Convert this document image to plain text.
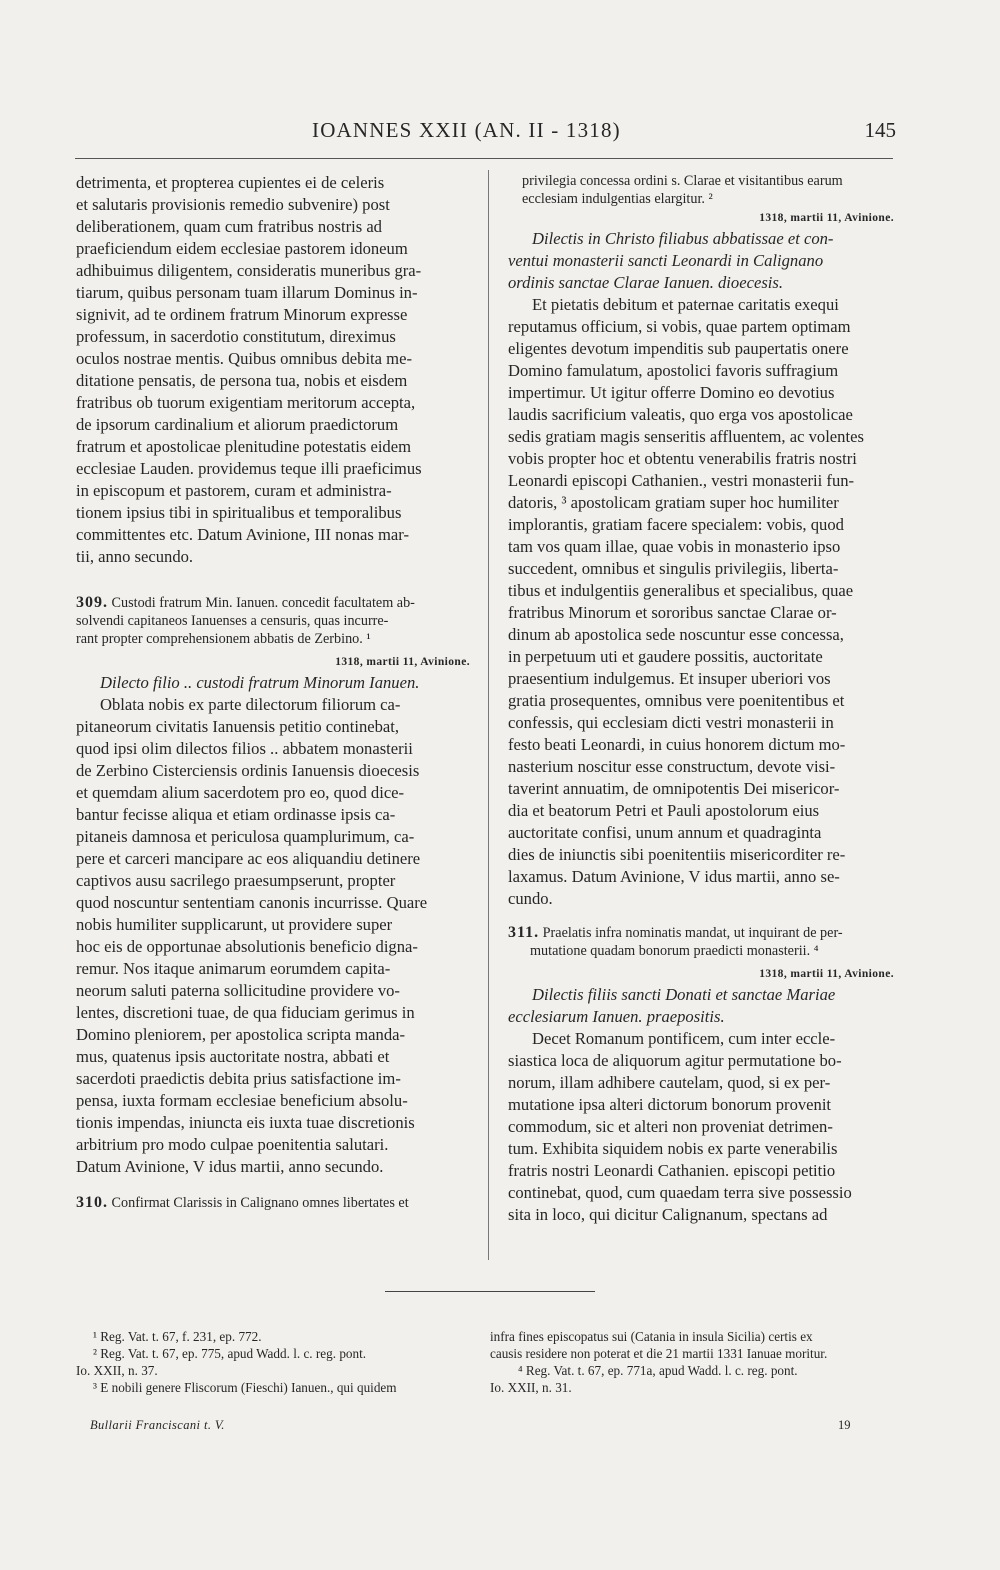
IOANNES XXII (AN. II - 1318)	145

detrimenta, et propterea cupientes ei de celeris

et salutaris provisionis remedio subvenire) post

deliberationem, quam cum fratribus nostris ad

praeficiendum eidem ecclesiae pastorem idoneum

adhibuimus diligentem, consideratis muneribus gra-

tiarum, quibus personam tuam illarum Dominus in-

signivit, ad te ordinem fratrum Minorum expresse

professum, in sacerdotio constitutum, direximus

oculos nostrae mentis. Quibus omnibus debita me-

ditatione pensatis, de persona tua, nobis et eisdem

fratribus ob tuorum exigentiam meritorum accepta,

de ipsorum cardinalium et aliorum praedictorum

fratrum et apostolicae plenitudine potestatis eidem

ecclesiae Lauden. providemus teque illi praeficimus

in episcopum et pastorem, curam et administra-

tionem ipsius tibi in spiritualibus et temporalibus

committentes etc. Datum Avinione, III nonas mar-

tii, anno secundo.

309. Custodi fratrum Min. Ianuen. concedit facultatem ab-

solvendi capitaneos Ianuenses a censuris, quas incurre-

rant propter comprehensionem abbatis de Zerbino. ¹

1318, martii 11, Avinione.

Dilecto filio .. custodi fratrum Minorum Ianuen.

Oblata nobis ex parte dilectorum filiorum ca-

pitaneorum civitatis Ianuensis petitio continebat,

quod ipsi olim dilectos filios .. abbatem monasterii

de Zerbino Cisterciensis ordinis Ianuensis dioecesis

et quemdam alium sacerdotem pro eo, quod dice-

bantur fecisse aliqua et etiam ordinasse ipsis ca-

pitaneis damnosa et periculosa quamplurimum, ca-

pere et carceri mancipare ac eos aliquandiu detinere

captivos ausu sacrilego praesumpserunt, propter

quod noscuntur sententiam canonis incurrisse. Quare

nobis humiliter supplicarunt, ut providere super

hoc eis de opportunae absolutionis beneficio digna-

remur. Nos itaque animarum eorumdem capita-

neorum saluti paterna sollicitudine providere vo-

lentes, discretioni tuae, de qua fiduciam gerimus in

Domino pleniorem, per apostolica scripta manda-

mus, quatenus ipsis auctoritate nostra, abbati et

sacerdoti praedictis debita prius satisfactione im-

pensa, iuxta formam ecclesiae beneficium absolu-

tionis impendas, iniuncta eis iuxta tuae discretionis

arbitrium pro modo culpae poenitentia salutari.

Datum Avinione, V idus martii, anno secundo.

310. Confirmat Clarissis in Calignano omnes libertates et

privilegia concessa ordini s. Clarae et visitantibus earum

ecclesiam indulgentias elargitur. ²

1318, martii 11, Avinione.

Dilectis in Christo filiabus abbatissae et con-

ventui monasterii sancti Leonardi in Calignano

ordinis sanctae Clarae Ianuen. dioecesis.

Et pietatis debitum et paternae caritatis exequi

reputamus officium, si vobis, quae partem optimam

eligentes devotum impenditis sub paupertatis onere

Domino famulatum, apostolici favoris suffragium

impertimur. Ut igitur offerre Domino eo devotius

laudis sacrificium valeatis, quo erga vos apostolicae

sedis gratiam magis senseritis affluentem, ac volentes

vobis propter hoc et obtentu venerabilis fratris nostri

Leonardi episcopi Cathanien., vestri monasterii fun-

datoris, ³ apostolicam gratiam super hoc humiliter

implorantis, gratiam facere specialem: vobis, quod

tam vos quam illae, quae vobis in monasterio ipso

succedent, omnibus et singulis privilegiis, liberta-

tibus et indulgentiis generalibus et specialibus, quae

fratribus Minorum et sororibus sanctae Clarae or-

dinum ab apostolica sede noscuntur esse concessa,

in perpetuum uti et gaudere possitis, auctoritate

praesentium indulgemus. Et insuper uberiori vos

gratia prosequentes, omnibus vere poenitentibus et

confessis, qui ecclesiam dicti vestri monasterii in

festo beati Leonardi, in cuius honorem dictum mo-

nasterium noscitur esse constructum, devote visi-

taverint annuatim, de omnipotentis Dei misericor-

dia et beatorum Petri et Pauli apostolorum eius

auctoritate confisi, unum annum et quadraginta

dies de iniunctis sibi poenitentiis misericorditer re-

laxamus. Datum Avinione, V idus martii, anno se-

cundo.

311. Praelatis infra nominatis mandat, ut inquirant de per-

mutatione quadam bonorum praedicti monasterii. ⁴

1318, martii 11, Avinione.

Dilectis filiis sancti Donati et sanctae Mariae

ecclesiarum Ianuen. praepositis.

Decet Romanum pontificem, cum inter eccle-

siastica loca de aliquorum agitur permutatione bo-

norum, illam adhibere cautelam, quod, si ex per-

mutatione ipsa alteri dictorum bonorum provenit

commodum, sic et alteri non proveniat detrimen-

tum. Exhibita siquidem nobis ex parte venerabilis

fratris nostri Leonardi Cathanien. episcopi petitio

continebat, quod, cum quaedam terra sive possessio

sita in loco, qui dicitur Calignanum, spectans ad

¹ Reg. Vat. t. 67, f. 231, ep. 772.

² Reg. Vat. t. 67, ep. 775, apud Wadd. l. c. reg. pont.

Io. XXII, n. 37.

³ E nobili genere Fliscorum (Fieschi) Ianuen., qui quidem

infra fines episcopatus sui (Catania in insula Sicilia) certis ex

causis residere non poterat et die 21 martii 1331 Ianuae moritur.

⁴ Reg. Vat. t. 67, ep. 771a, apud Wadd. l. c. reg. pont.

Io. XXII, n. 31.

Bullarii Franciscani t. V.	19
